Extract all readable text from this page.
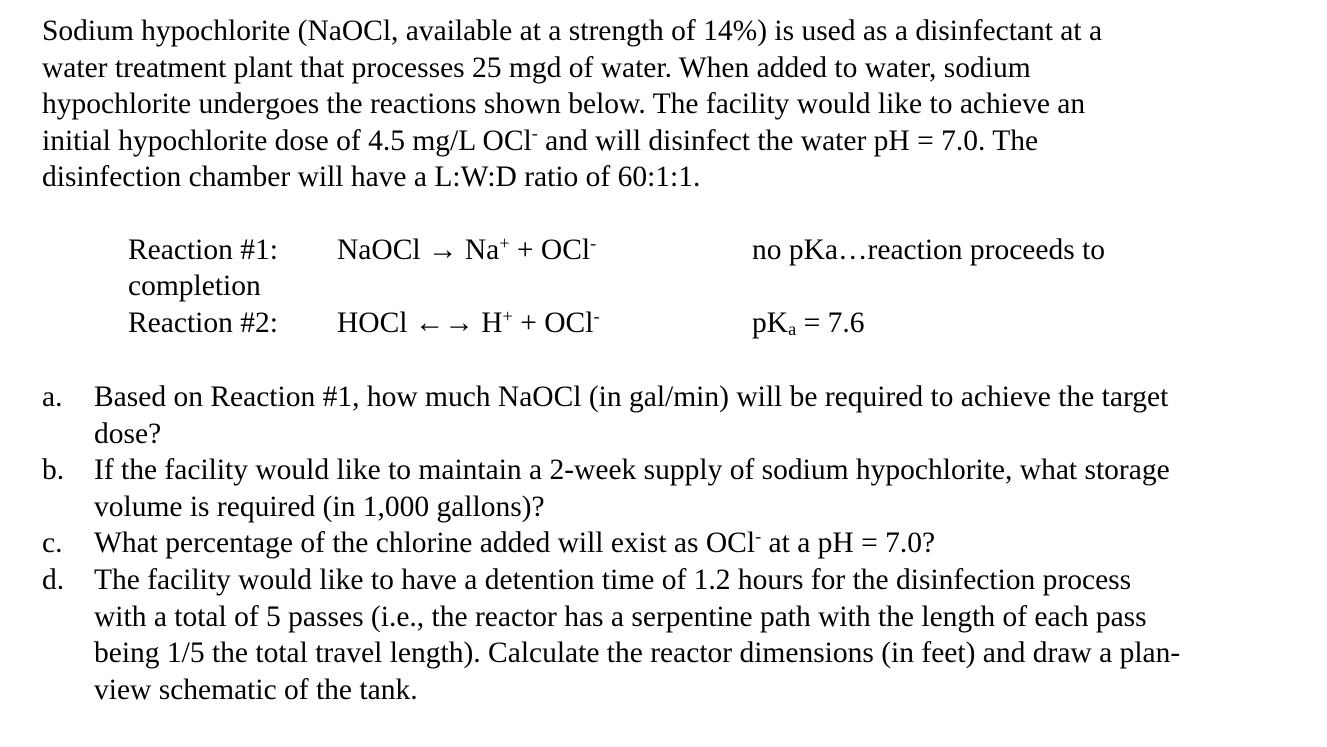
Sodium hypochlorite (NaOCl, available at a strength of 14%) is used as a disinfectant at a
water treatment plant that processes 25 mgd of water. When added to water, sodium
hypochlorite undergoes the reactions shown below. The facility would like to achieve an
initial hypochlorite dose of 4.5 mg/L OCl- and will disinfect the water pH = 7.0. The
disinfection chamber will have a L:W:D ratio of 60:1:1.
Reaction #1: NaOCl → Na+ + OCl-	no pKa…reaction proceeds to
completion
Reaction #2: HOCl ←→ H+ + OCl-	$pK_a = 7.6$
a. Based on Reaction #1, how much NaOCl (in gal/min) will be required to achieve the target
dose?
b. If the facility would like to maintain a 2-week supply of sodium hypochlorite, what storage
volume is required (in 1,000 gallons)?
c. What percentage of the chlorine added will exist as OCl- at a pH = 7.0?
d. The facility would like to have a detention time of 1.2 hours for the disinfection process
with a total of 5 passes (i.e., the reactor has a serpentine path with the length of each pass
being 1/5 the total travel length). Calculate the reactor dimensions (in feet) and draw a plan-
view schematic of the tank.
